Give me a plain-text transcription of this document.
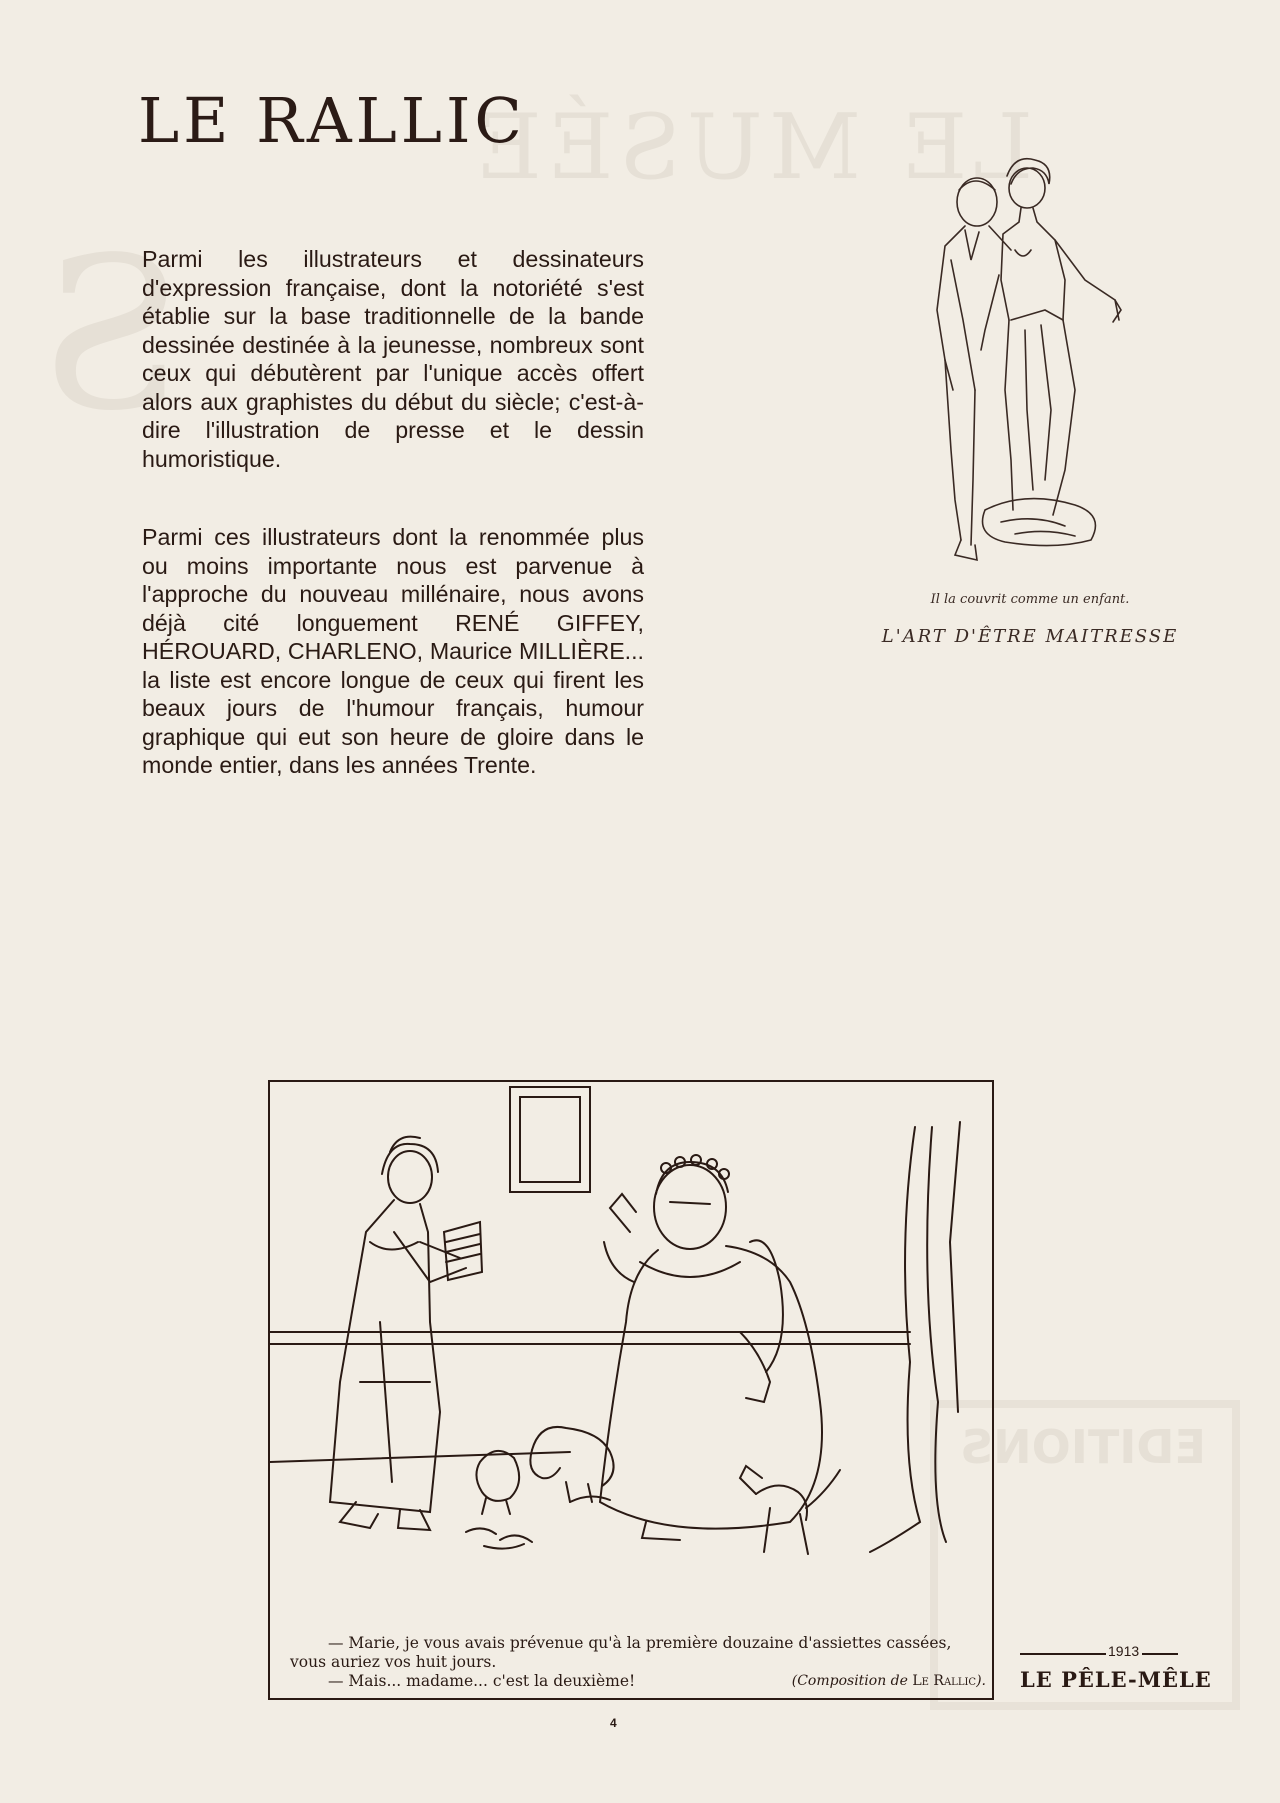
LE MUSÉE
S
EDITIONS
LE RALLIC

Parmi les illustrateurs et dessinateurs d'expression française, dont la notoriété s'est établie sur la base traditionnelle de la bande dessinée destinée à la jeunesse, nombreux sont ceux qui débutèrent par l'unique accès offert alors aux graphistes du début du siècle; c'est-à-dire l'illustration de presse et le dessin humoristique.

Parmi ces illustrateurs dont la renommée plus ou moins importante nous est parvenue à l'approche du nouveau millénaire, nous avons déjà cité longuement RENÉ GIFFEY, HÉROUARD, CHARLENO, Maurice MILLIÈRE... la liste est encore longue de ceux qui firent les beaux jours de l'humour français, humour graphique qui eut son heure de gloire dans le monde entier, dans les années Trente.

Il la couvrit comme un enfant.
L'ART D'ÊTRE MAITRESSE
— Marie, je vous avais prévenue qu'à la première douzaine d'assiettes cassées, vous auriez vos huit jours.
— Mais... madame... c'est la deuxième!	(Composition de Le Rallic).
1913
LE PÊLE-MÊLE
4
